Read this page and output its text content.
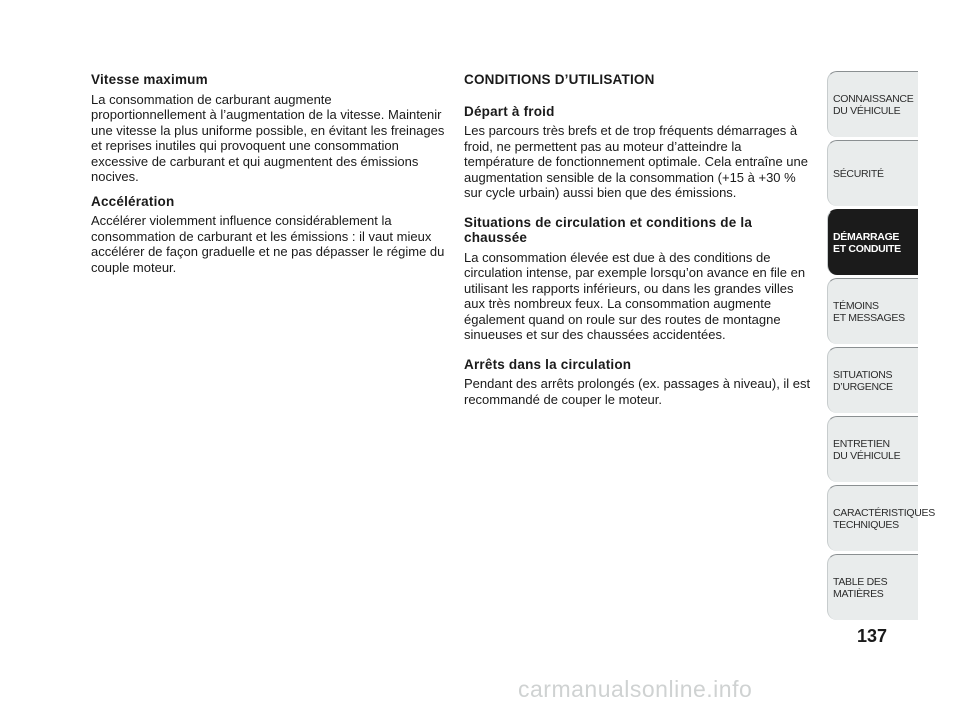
Vitesse maximum
La consommation de carburant augmente proportionnellement à l’augmentation de la vitesse. Maintenir une vitesse la plus uniforme possible, en évitant les freinages et reprises inutiles qui provoquent une consommation excessive de carburant et qui augmentent des émissions nocives.
Accélération
Accélérer violemment influence considérablement la consommation de carburant et les émissions : il vaut mieux accélérer de façon graduelle et ne pas dépasser le régime du couple moteur.
CONDITIONS D’UTILISATION
Départ à froid
Les parcours très brefs et de trop fréquents démarrages à froid, ne permettent pas au moteur d’atteindre la température de fonctionnement optimale. Cela entraîne une augmentation sensible de la consommation (+15 à +30 % sur cycle urbain) aussi bien que des émissions.
Situations de circulation et conditions de la chaussée
La consommation élevée est due à des conditions de circulation intense, par exemple lorsqu’on avance en file en utilisant les rapports inférieurs, ou dans les grandes villes aux très nombreux feux. La consommation augmente également quand on roule sur des routes de montagne sinueuses et sur des chaussées accidentées.
Arrêts dans la circulation
Pendant des arrêts prolongés (ex. passages à niveau), il est recommandé de couper le moteur.
CONNAISSANCE
DU VÉHICULE
SÉCURITÉ
DÉMARRAGE
ET CONDUITE
TÉMOINS
ET MESSAGES
SITUATIONS
D’URGENCE
ENTRETIEN
DU VÉHICULE
CARACTÉRISTIQUES
TECHNIQUES
TABLE DES
MATIÈRES
137
carmanualsonline.info
